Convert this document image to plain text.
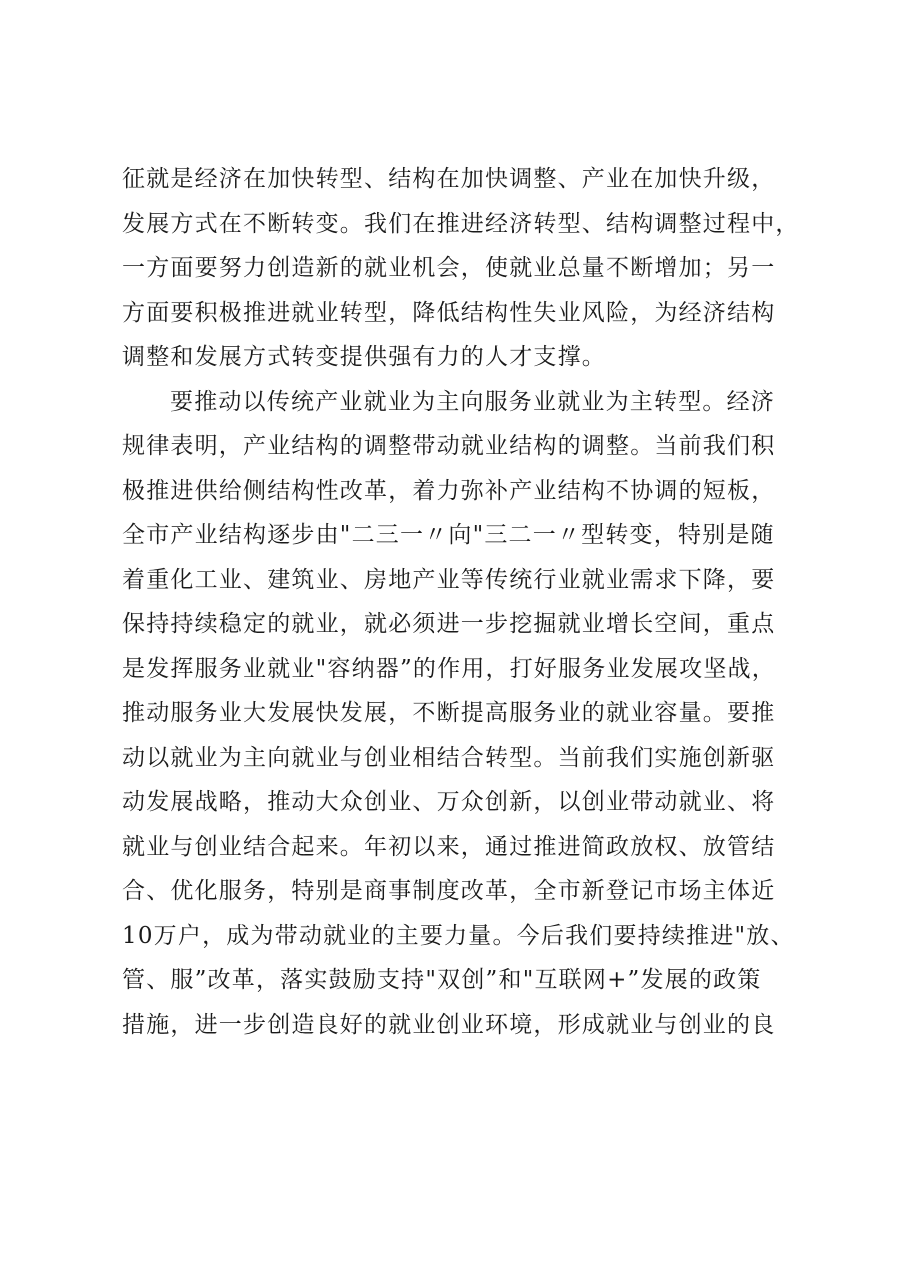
征就是经济在加快转型、结构在加快调整、产业在加快升级，
发展方式在不断转变。我们在推进经济转型、结构调整过程中，
一方面要努力创造新的就业机会，使就业总量不断增加；另一
方面要积极推进就业转型，降低结构性失业风险，为经济结构
调整和发展方式转变提供强有力的人才支撑。
要推动以传统产业就业为主向服务业就业为主转型。经济
规律表明，产业结构的调整带动就业结构的调整。当前我们积
极推进供给侧结构性改革，着力弥补产业结构不协调的短板，
全市产业结构逐步由"二三一〃向"三二一〃型转变，特别是随
着重化工业、建筑业、房地产业等传统行业就业需求下降，要
保持持续稳定的就业，就必须进一步挖掘就业增长空间，重点
是发挥服务业就业"容纳器”的作用，打好服务业发展攻坚战，
推动服务业大发展快发展，不断提高服务业的就业容量。要推
动以就业为主向就业与创业相结合转型。当前我们实施创新驱
动发展战略，推动大众创业、万众创新，以创业带动就业、将
就业与创业结合起来。年初以来，通过推进简政放权、放管结
合、优化服务，特别是商事制度改革，全市新登记市场主体近
10万户，成为带动就业的主要力量。今后我们要持续推进"放、
管、服”改革，落实鼓励支持"双创”和"互联网+”发展的政策
措施，进一步创造良好的就业创业环境，形成就业与创业的良
